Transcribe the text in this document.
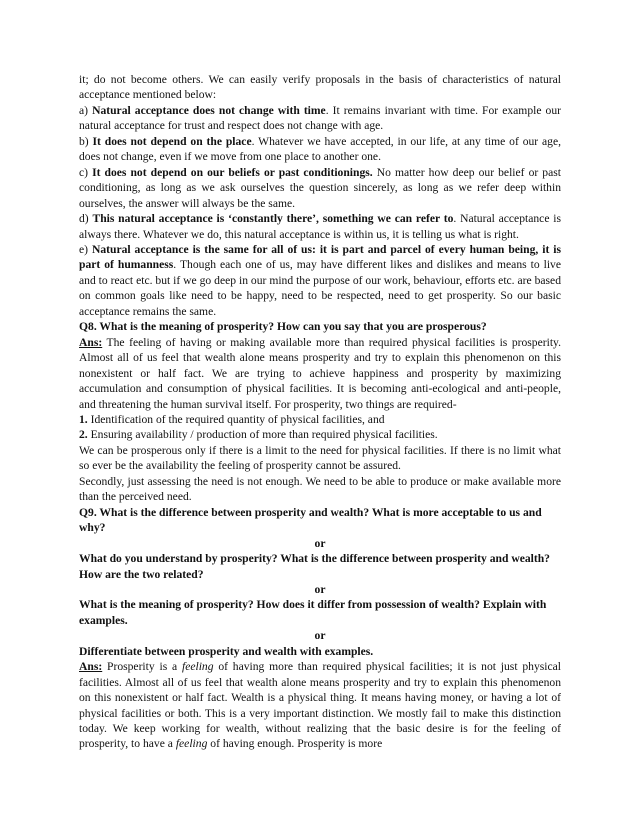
it; do not become others. We can easily verify proposals in the basis of characteristics of natural acceptance mentioned below:

a) Natural acceptance does not change with time. It remains invariant with time. For example our natural acceptance for trust and respect does not change with age.

b) It does not depend on the place. Whatever we have accepted, in our life, at any time of our age, does not change, even if we move from one place to another one.

c) It does not depend on our beliefs or past conditionings. No matter how deep our belief or past conditioning, as long as we ask ourselves the question sincerely, as long as we refer deep within ourselves, the answer will always be the same.

d) This natural acceptance is ‘constantly there’, something we can refer to. Natural acceptance is always there. Whatever we do, this natural acceptance is within us, it is telling us what is right.

e) Natural acceptance is the same for all of us: it is part and parcel of every human being, it is part of humanness. Though each one of us, may have different likes and dislikes and means to live and to react etc. but if we go deep in our mind the purpose of our work, behaviour, efforts etc. are based on common goals like need to be happy, need to be respected, need to get prosperity. So our basic acceptance remains the same.

Q8. What is the meaning of prosperity? How can you say that you are prosperous?

Ans: The feeling of having or making available more than required physical facilities is prosperity. Almost all of us feel that wealth alone means prosperity and try to explain this phenomenon on this nonexistent or half fact. We are trying to achieve happiness and prosperity by maximizing accumulation and consumption of physical facilities. It is becoming anti-ecological and anti-people, and threatening the human survival itself. For prosperity, two things are required-

1. Identification of the required quantity of physical facilities, and

2. Ensuring availability / production of more than required physical facilities.

We can be prosperous only if there is a limit to the need for physical facilities. If there is no limit what so ever be the availability the feeling of prosperity cannot be assured.

Secondly, just assessing the need is not enough. We need to be able to produce or make available more than the perceived need.

Q9. What is the difference between prosperity and wealth? What is more acceptable to us and why?

or

What do you understand by prosperity? What is the difference between prosperity and wealth? How are the two related?

or

What is the meaning of prosperity? How does it differ from possession of wealth? Explain with examples.

or

Differentiate between prosperity and wealth with examples.

Ans: Prosperity is a feeling of having more than required physical facilities; it is not just physical facilities. Almost all of us feel that wealth alone means prosperity and try to explain this phenomenon on this nonexistent or half fact. Wealth is a physical thing. It means having money, or having a lot of physical facilities or both. This is a very important distinction. We mostly fail to make this distinction today. We keep working for wealth, without realizing that the basic desire is for the feeling of prosperity, to have a feeling of having enough. Prosperity is more
